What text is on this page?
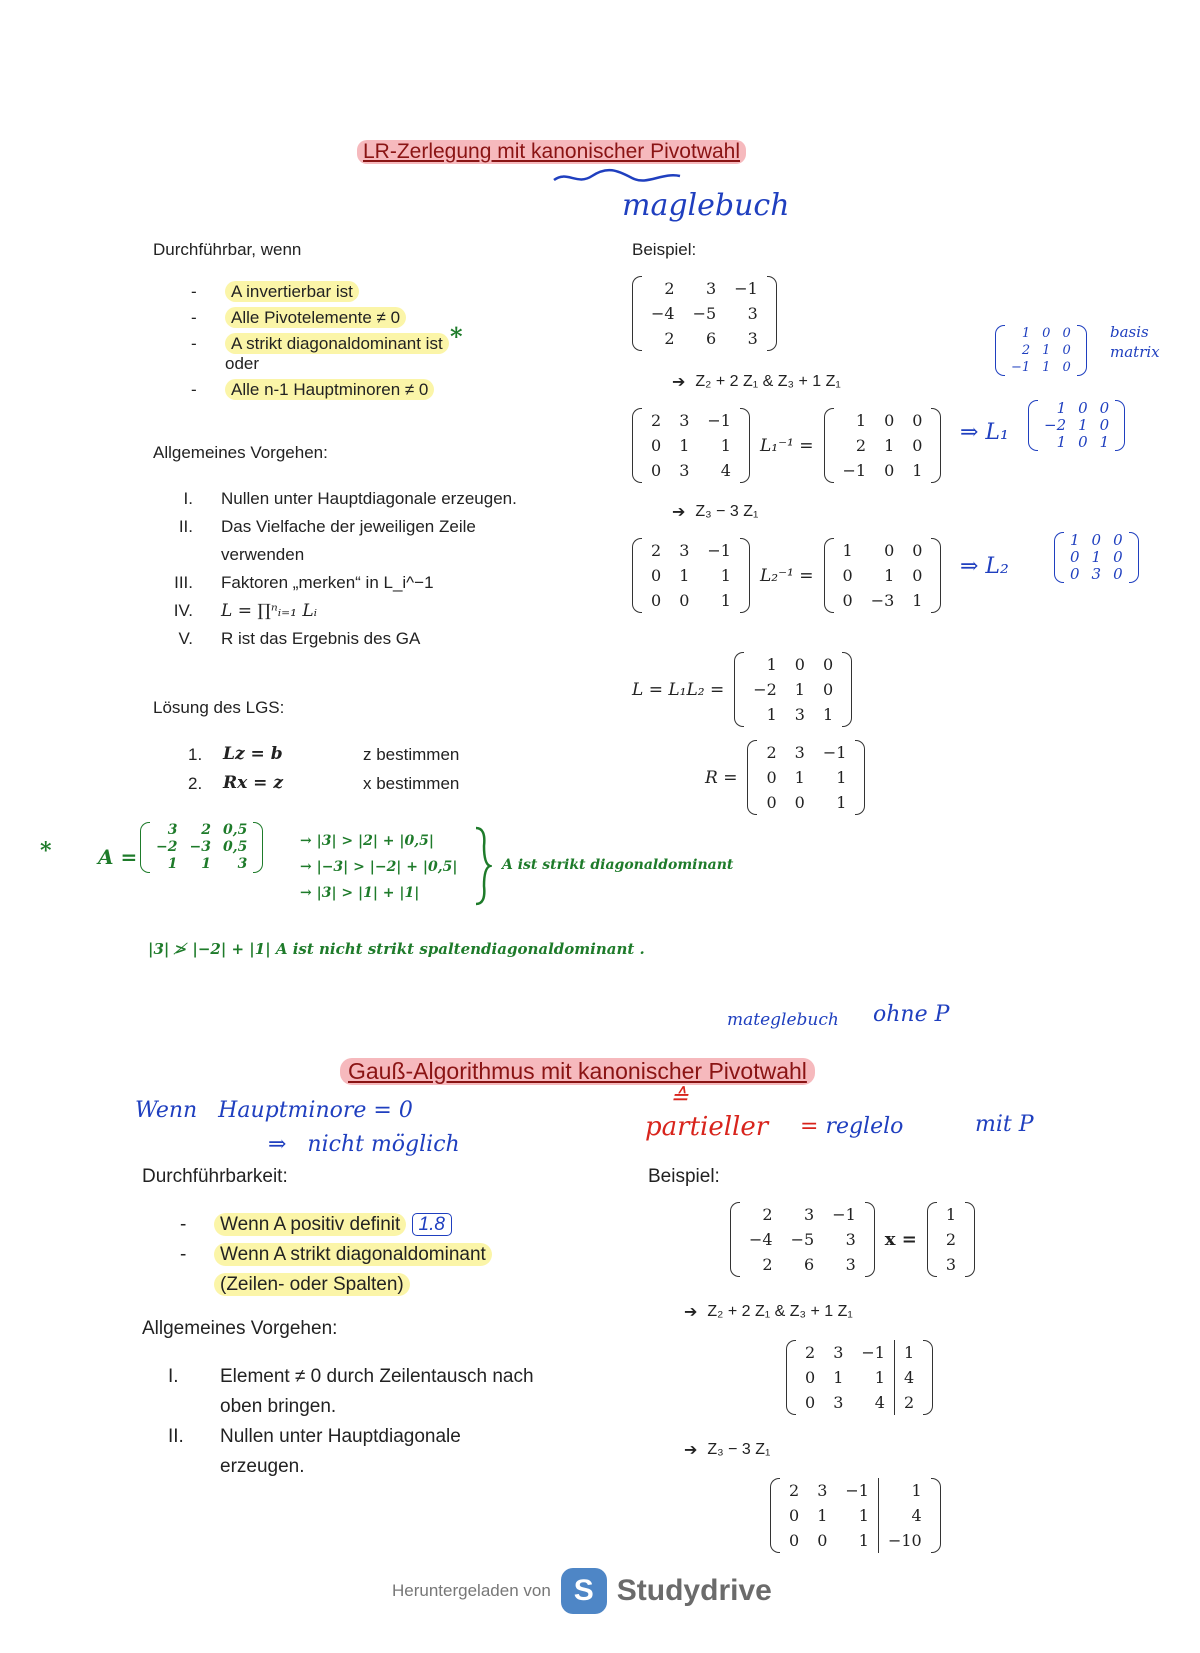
LR-Zerlegung mit kanonischer Pivotwahl
maglebuch
Durchführbar, wenn
- A invertierbar ist
- Alle Pivotelemente ≠ 0
- A strikt diagonaldominant ist
oder
- Alle n-1 Hauptminoren ≠ 0
*
Allgemeines Vorgehen:
I.	Nullen unter Hauptdiagonale erzeugen.
II.	Das Vielfache der jeweiligen Zeile verwenden
III.	Faktoren „merken“ in L_i^−1
IV.	L = ∏ⁿᵢ₌₁ Lᵢ
V.	R ist das Ergebnis des GA
Lösung des LGS:
1.	Lz = b	z bestimmen
2.	Rx = z	x bestimmen
Beispiel:
2	3	−1
−4	−5	3
2	6	3
➔ Z₂ + 2 Z₁ & Z₃ + 1 Z₁
2	3	−1
0	1	1
0	3	4
L₁⁻¹ =
1	0	0
2	1	0
−1	0	1
➔ Z₃ − 3 Z₁
2	3	−1
0	1	1
0	0	1
L₂⁻¹ =
1	0	0
0	1	0
0	−3	1
L = L₁L₂ =
1	0	0
−2	1	0
1	3	1
R =
2	3	−1
0	1	1
0	0	1
1	0	0
2	1	0
−1	1	0
basis matrix
⇒ L₁
1	0	0
−2	1	0
1	0	1
⇒ L₂
1	0	0
0	1	0
0	3	0
* A =
3	2	0,5
−2	−3	0,5
1	1	3
→ |3| > |2| + |0,5|
→ |−3| > |−2| + |0,5|
→ |3| > |1| + |1|
A ist strikt diagonaldominant
|3| ≯ |−2| + |1| A ist nicht strikt spaltendiagonaldominant .
mateglebuch ohne P
Gauß-Algorithmus mit kanonischer Pivotwahl
Wenn   Hauptminore = 0
⇒   nicht möglich
≙
partieller = reglelo	mit P
Durchführbarkeit:
- Wenn A positiv definit 1.8
- Wenn A strikt diagonaldominant
(Zeilen- oder Spalten)
Allgemeines Vorgehen:
I.	Element ≠ 0 durch Zeilentausch nach oben bringen.
II.	Nullen unter Hauptdiagonale erzeugen.
Beispiel:
2	3	−1
−4	−5	3
2	6	3
x =
1
2
3
➔ Z₂ + 2 Z₁ & Z₃ + 1 Z₁
2	3	−1	1
0	1	1	4
0	3	4	2
➔ Z₃ − 3 Z₁
2	3	−1	1
0	1	1	4
0	0	1	−10
Heruntergeladen von S Studydrive
